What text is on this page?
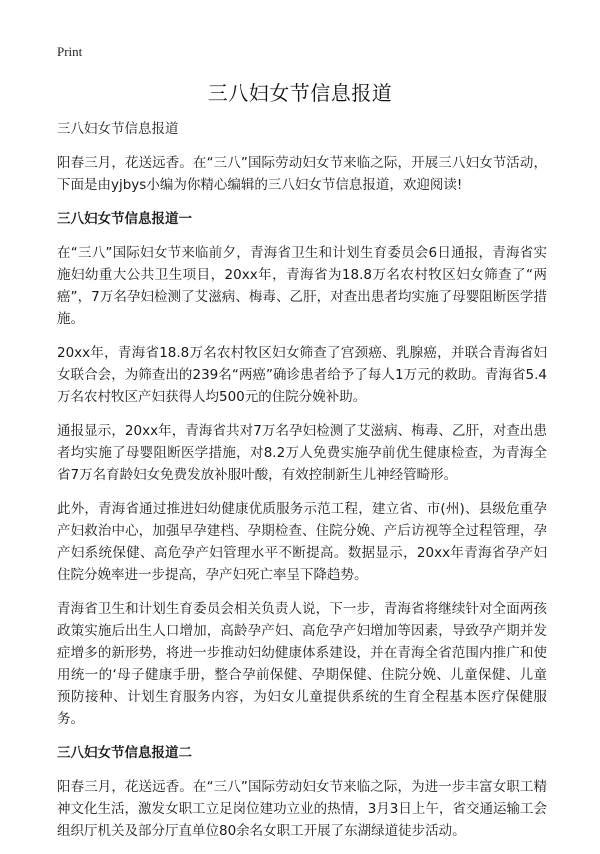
Print
三八妇女节信息报道

三八妇女节信息报道

阳春三月，花送远香。在“三八”国际劳动妇女节来临之际，开展三八妇女节活动，下面是由yjbys小编为你精心编辑的三八妇女节信息报道，欢迎阅读!

三八妇女节信息报道一

在“三八”国际妇女节来临前夕，青海省卫生和计划生育委员会6日通报，青海省实施妇幼重大公共卫生项目，20xx年，青海省为18.8万名农村牧区妇女筛查了“两癌”，7万名孕妇检测了艾滋病、梅毒、乙肝，对查出患者均实施了母婴阻断医学措施。

20xx年，青海省18.8万名农村牧区妇女筛查了宫颈癌、乳腺癌，并联合青海省妇女联合会，为筛查出的239名“两癌”确诊患者给予了每人1万元的救助。青海省5.4万名农村牧区产妇获得人均500元的住院分娩补助。

通报显示，20xx年，青海省共对7万名孕妇检测了艾滋病、梅毒、乙肝，对查出患者均实施了母婴阻断医学措施，对8.2万人免费实施孕前优生健康检查，为青海全省7万名育龄妇女免费发放补服叶酸，有效控制新生儿神经管畸形。

此外，青海省通过推进妇幼健康优质服务示范工程，建立省、市(州)、县级危重孕产妇救治中心，加强早孕建档、孕期检查、住院分娩、产后访视等全过程管理，孕产妇系统保健、高危孕产妇管理水平不断提高。数据显示，20xx年青海省孕产妇住院分娩率进一步提高，孕产妇死亡率呈下降趋势。

青海省卫生和计划生育委员会相关负责人说，下一步，青海省将继续针对全面两孩政策实施后出生人口增加，高龄孕产妇、高危孕产妇增加等因素，导致孕产期并发症增多的新形势，将进一步推动妇幼健康体系建设，并在青海全省范围内推广和使用统一的‘母子健康手册，整合孕前保健、孕期保健、住院分娩、儿童保健、儿童预防接种、计划生育服务内容，为妇女儿童提供系统的生育全程基本医疗保健服务。

三八妇女节信息报道二

阳春三月，花送远香。在“三八”国际劳动妇女节来临之际，为进一步丰富女职工精神文化生活，激发女职工立足岗位建功立业的热情，3月3日上午，省交通运输工会组织厅机关及部分厅直单位80余名女职工开展了东湖绿道徒步活动。
